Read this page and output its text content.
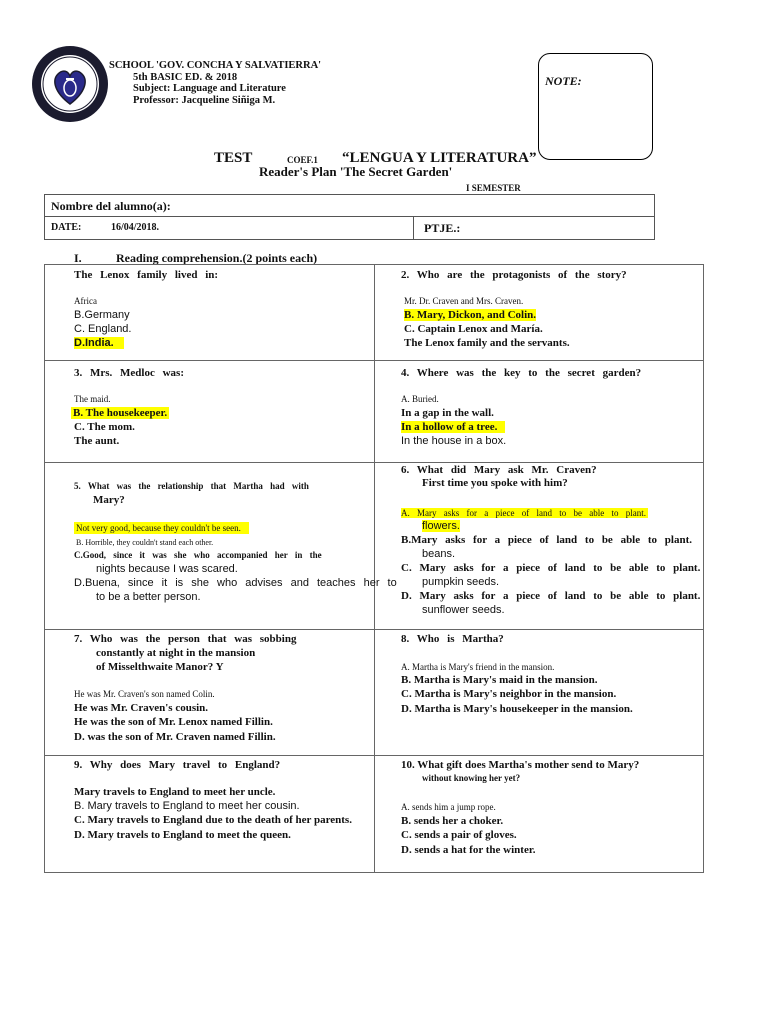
SCHOOL 'GOV. CONCHA Y SALVATIERRA'
5th BASIC ED. & 2018
Subject: Language and Literature
Professor: Jacqueline Siñiga M.
NOTE:
TEST	COEF.1 “LENGUA Y LITERATURA”
Reader's Plan 'The Secret Garden'
I SEMESTER
Nombre del alumno(a):
DATE:	16/04/2018.	PTJE.:
I.	Reading comprehension.(2 points each)
The Lenox family lived in:
Africa
B.Germany
C. England.
D.India.
2. Who are the protagonists of the story?
Mr. Dr. Craven and Mrs. Craven.
B. Mary, Dickon, and Colin.
C. Captain Lenox and María.
The Lenox family and the servants.
3. Mrs. Medloc was:
The maid.
B. The housekeeper.
C. The mom.
The aunt.
4. Where was the key to the secret garden?
A. Buried.
In a gap in the wall.
In a hollow of a tree.
In the house in a box.
5. What was the relationship that Martha had with
Mary?
Not very good, because they couldn't be seen.
B. Horrible, they couldn't stand each other.
C.Good, since it was she who accompanied her in the
nights because I was scared.
D.Buena, since it is she who advises and teaches her to
to be a better person.
6. What did Mary ask Mr. Craven?
First time you spoke with him?
A. Mary asks for a piece of land to be able to plant.
flowers.
B.Mary asks for a piece of land to be able to plant.
beans.
C. Mary asks for a piece of land to be able to plant.
pumpkin seeds.
D. Mary asks for a piece of land to be able to plant.
sunflower seeds.
7. Who was the person that was sobbing
constantly at night in the mansion
of Misselthwaite Manor? Y
He was Mr. Craven's son named Colin.
He was Mr. Craven's cousin.
He was the son of Mr. Lenox named Fillin.
D. was the son of Mr. Craven named Fillin.
8. Who is Martha?
A. Martha is Mary's friend in the mansion.
B. Martha is Mary's maid in the mansion.
C. Martha is Mary's neighbor in the mansion.
D. Martha is Mary's housekeeper in the mansion.
9. Why does Mary travel to England?
Mary travels to England to meet her uncle.
B. Mary travels to England to meet her cousin.
C. Mary travels to England due to the death of her parents.
D. Mary travels to England to meet the queen.
10. What gift does Martha's mother send to Mary?
without knowing her yet?
A. sends him a jump rope.
B. sends her a choker.
C. sends a pair of gloves.
D. sends a hat for the winter.
